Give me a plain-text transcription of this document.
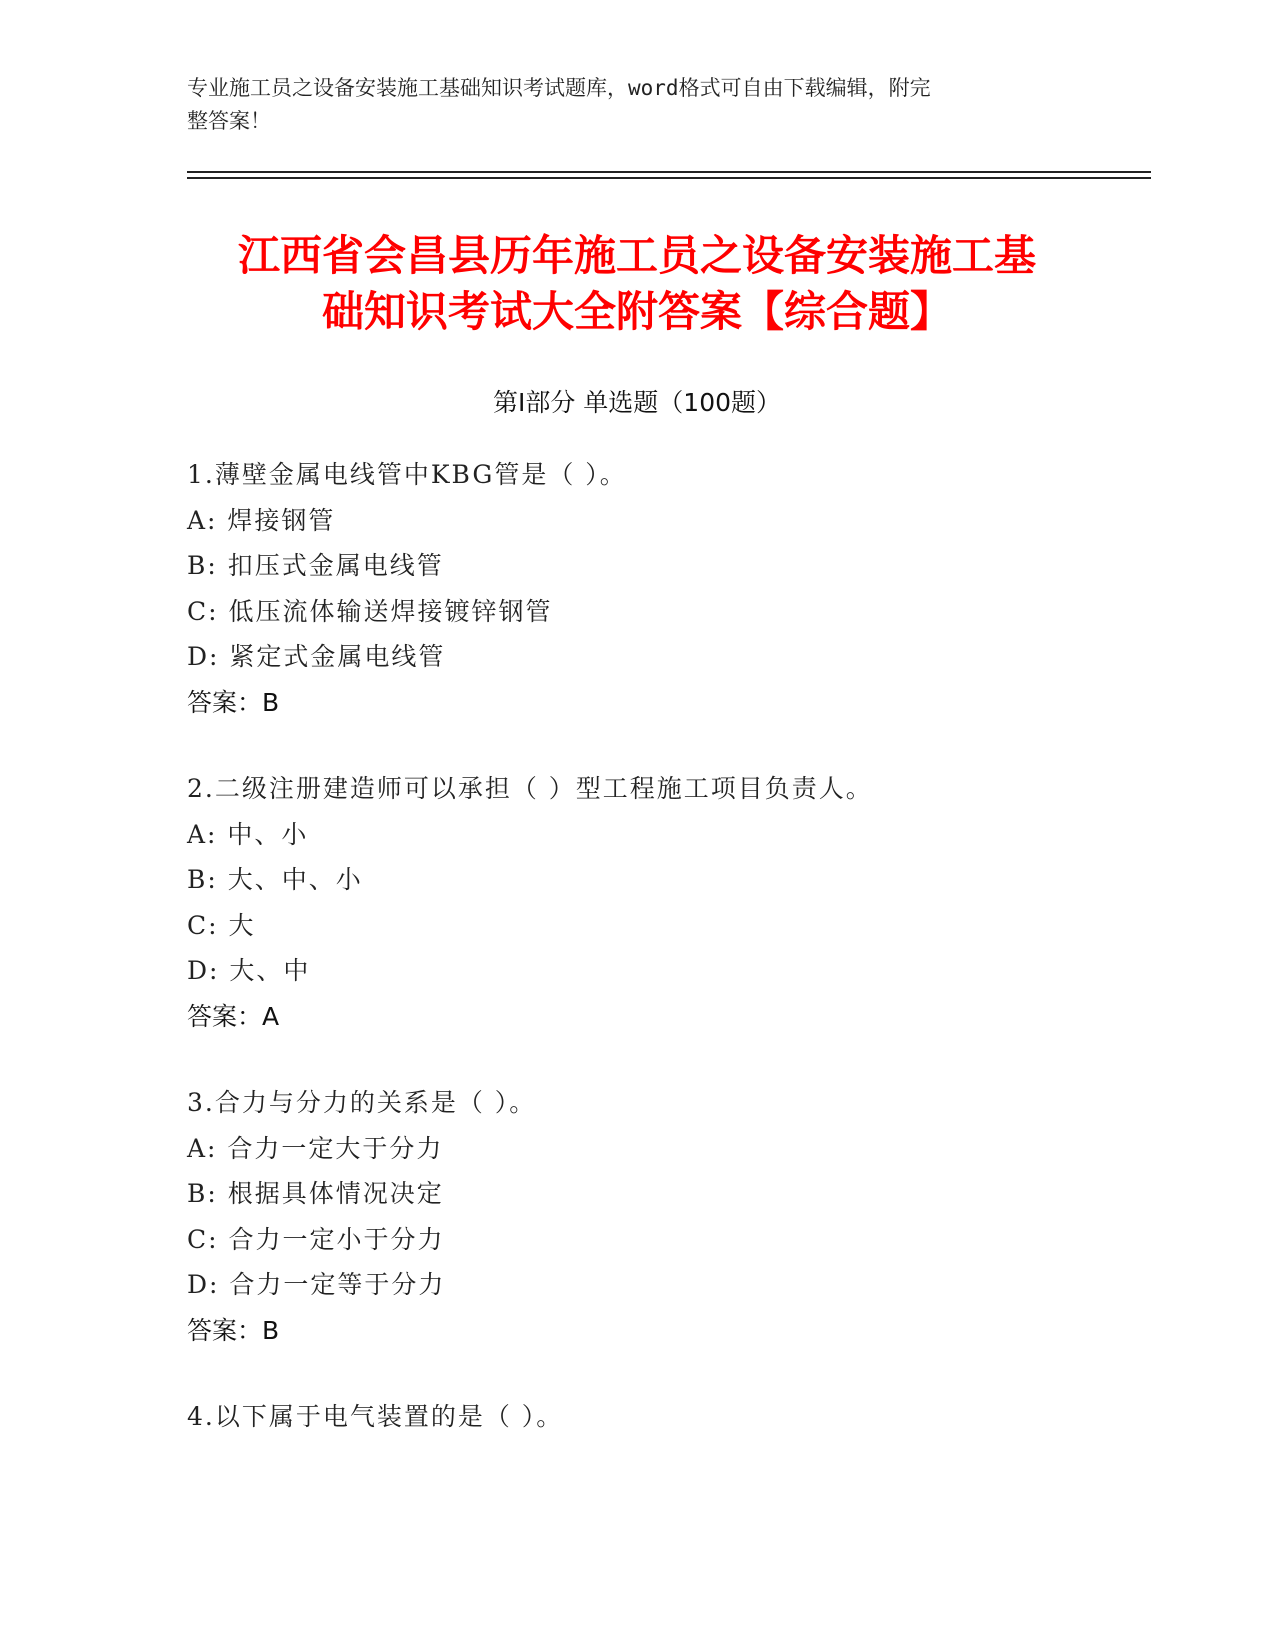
专业施工员之设备安装施工基础知识考试题库，word格式可自由下载编辑，附完
整答案！
江西省会昌县历年施工员之设备安装施工基
础知识考试大全附答案【综合题】
第Ⅰ部分 单选题（100题）
1.薄壁金属电线管中KBG管是（ ）。
A: 焊接钢管
B: 扣压式金属电线管
C: 低压流体输送焊接镀锌钢管
D: 紧定式金属电线管
答案：B
2.二级注册建造师可以承担（ ）型工程施工项目负责人。
A: 中、小
B: 大、中、小
C: 大
D: 大、中
答案：A
3.合力与分力的关系是（ ）。
A: 合力一定大于分力
B: 根据具体情况决定
C: 合力一定小于分力
D: 合力一定等于分力
答案：B
4.以下属于电气装置的是（ ）。
